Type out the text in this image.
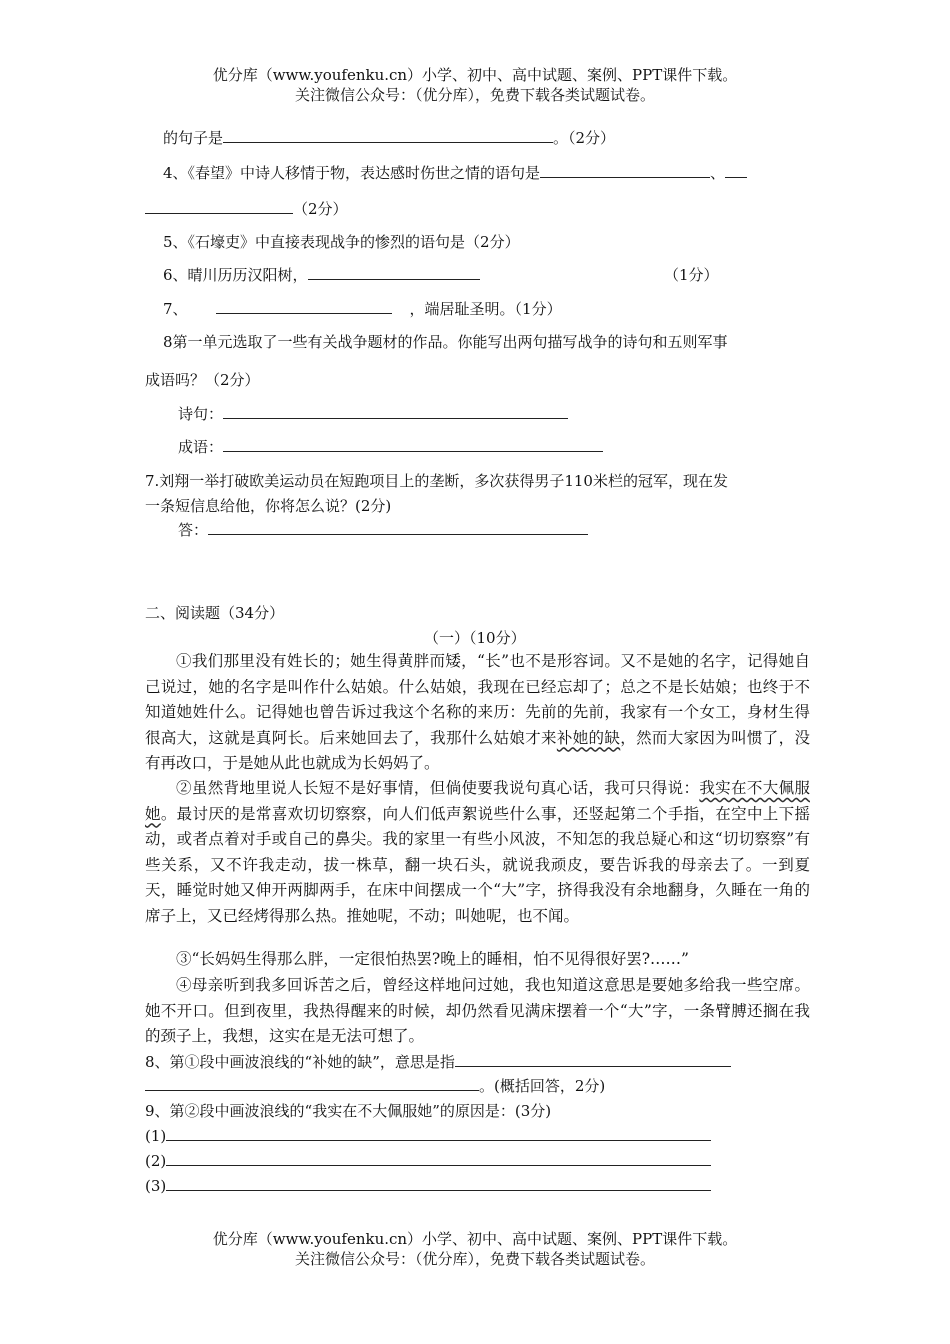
优分库（www.youfenku.cn）小学、初中、高中试题、案例、PPT课件下载。
关注微信公众号：（优分库），免费下载各类试题试卷。
的句子是	。（2分）
4、《春望》中诗人移情于物，表达感时伤世之情的语句是	、
（2分）
5、《石壕吏》中直接表现战争的惨烈的语句是（2分）
6、晴川历历汉阳树，	（1分）
7、	，端居耻圣明。（1分）
8第一单元选取了一些有关战争题材的作品。你能写出两句描写战争的诗句和五则军事
成语吗？（2分）
诗句：
成语：
7.刘翔一举打破欧美运动员在短跑项目上的垄断，多次获得男子110米栏的冠军，现在发
一条短信息给他，你将怎么说？(2分)
答：
二、阅读题（34分）
（一）（10分）
①我们那里没有姓长的；她生得黄胖而矮，“长”也不是形容词。又不是她的名字，记得她自己说过，她的名字是叫作什么姑娘。什么姑娘，我现在已经忘却了；总之不是长姑娘；也终于不知道她姓什么。记得她也曾告诉过我这个名称的来历：先前的先前，我家有一个女工，身材生得很高大，这就是真阿长。后来她回去了，我那什么姑娘才来补她的缺，然而大家因为叫惯了，没有再改口，于是她从此也就成为长妈妈了。
②虽然背地里说人长短不是好事情，但倘使要我说句真心话，我可只得说：我实在不大佩服她。最讨厌的是常喜欢切切察察，向人们低声絮说些什么事，还竖起第二个手指，在空中上下摇动，或者点着对手或自己的鼻尖。我的家里一有些小风波，不知怎的我总疑心和这“切切察察”有些关系，又不许我走动，拔一株草，翻一块石头，就说我顽皮，要告诉我的母亲去了。一到夏天，睡觉时她又伸开两脚两手，在床中间摆成一个“大”字，挤得我没有余地翻身，久睡在一角的席子上，又已经烤得那么热。推她呢，不动；叫她呢，也不闻。
③“长妈妈生得那么胖，一定很怕热罢?晚上的睡相，怕不见得很好罢?……”
④母亲听到我多回诉苦之后，曾经这样地问过她，我也知道这意思是要她多给我一些空席。她不开口。但到夜里，我热得醒来的时候，却仍然看见满床摆着一个“大”字，一条臂膊还搁在我的颈子上，我想，这实在是无法可想了。
8、第①段中画波浪线的“补她的缺”，意思是指
。(概括回答，2分)
9、第②段中画波浪线的“我实在不大佩服她”的原因是：(3分)
(1)
(2)
(3)
优分库（www.youfenku.cn）小学、初中、高中试题、案例、PPT课件下载。
关注微信公众号：（优分库），免费下载各类试题试卷。
